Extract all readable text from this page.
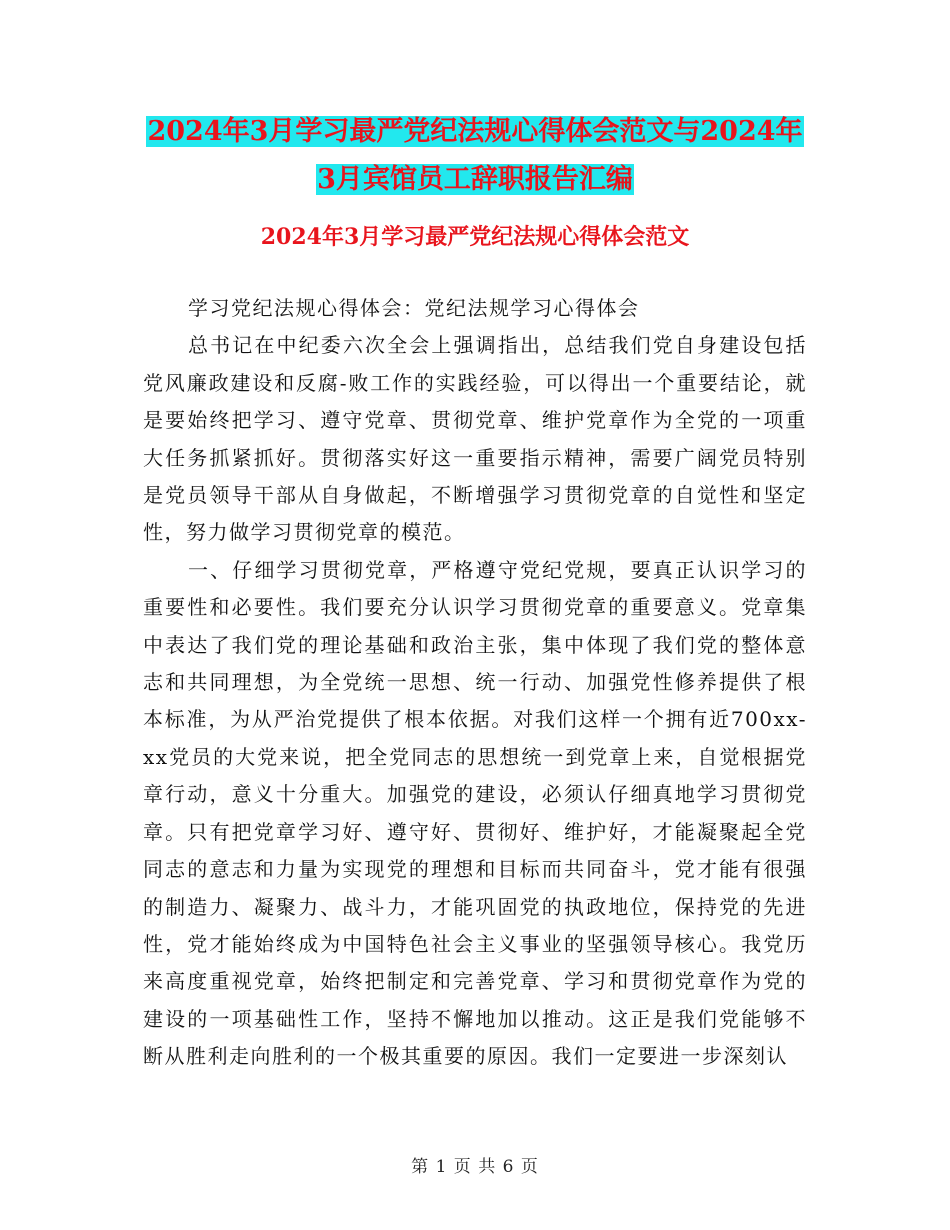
2024年3月学习最严党纪法规心得体会范文与2024年
3月宾馆员工辞职报告汇编
2024年3月学习最严党纪法规心得体会范文

学习党纪法规心得体会：党纪法规学习心得体会

总书记在中纪委六次全会上强调指出，总结我们党自身建设包括党风廉政建设和反腐-败工作的实践经验，可以得出一个重要结论，就是要始终把学习、遵守党章、贯彻党章、维护党章作为全党的一项重大任务抓紧抓好。贯彻落实好这一重要指示精神，需要广阔党员特别是党员领导干部从自身做起，不断增强学习贯彻党章的自觉性和坚定性，努力做学习贯彻党章的模范。

一、仔细学习贯彻党章，严格遵守党纪党规，要真正认识学习的重要性和必要性。我们要充分认识学习贯彻党章的重要意义。党章集中表达了我们党的理论基础和政治主张，集中体现了我们党的整体意志和共同理想，为全党统一思想、统一行动、加强党性修养提供了根本标准，为从严治党提供了根本依据。对我们这样一个拥有近700xx-xx党员的大党来说，把全党同志的思想统一到党章上来，自觉根据党章行动，意义十分重大。加强党的建设，必须认仔细真地学习贯彻党章。只有把党章学习好、遵守好、贯彻好、维护好，才能凝聚起全党同志的意志和力量为实现党的理想和目标而共同奋斗，党才能有很强的制造力、凝聚力、战斗力，才能巩固党的执政地位，保持党的先进性，党才能始终成为中国特色社会主义事业的坚强领导核心。我党历来高度重视党章，始终把制定和完善党章、学习和贯彻党章作为党的建设的一项基础性工作，坚持不懈地加以推动。这正是我们党能够不断从胜利走向胜利的一个极其重要的原因。我们一定要进一步深刻认

第 1 页 共 6 页
